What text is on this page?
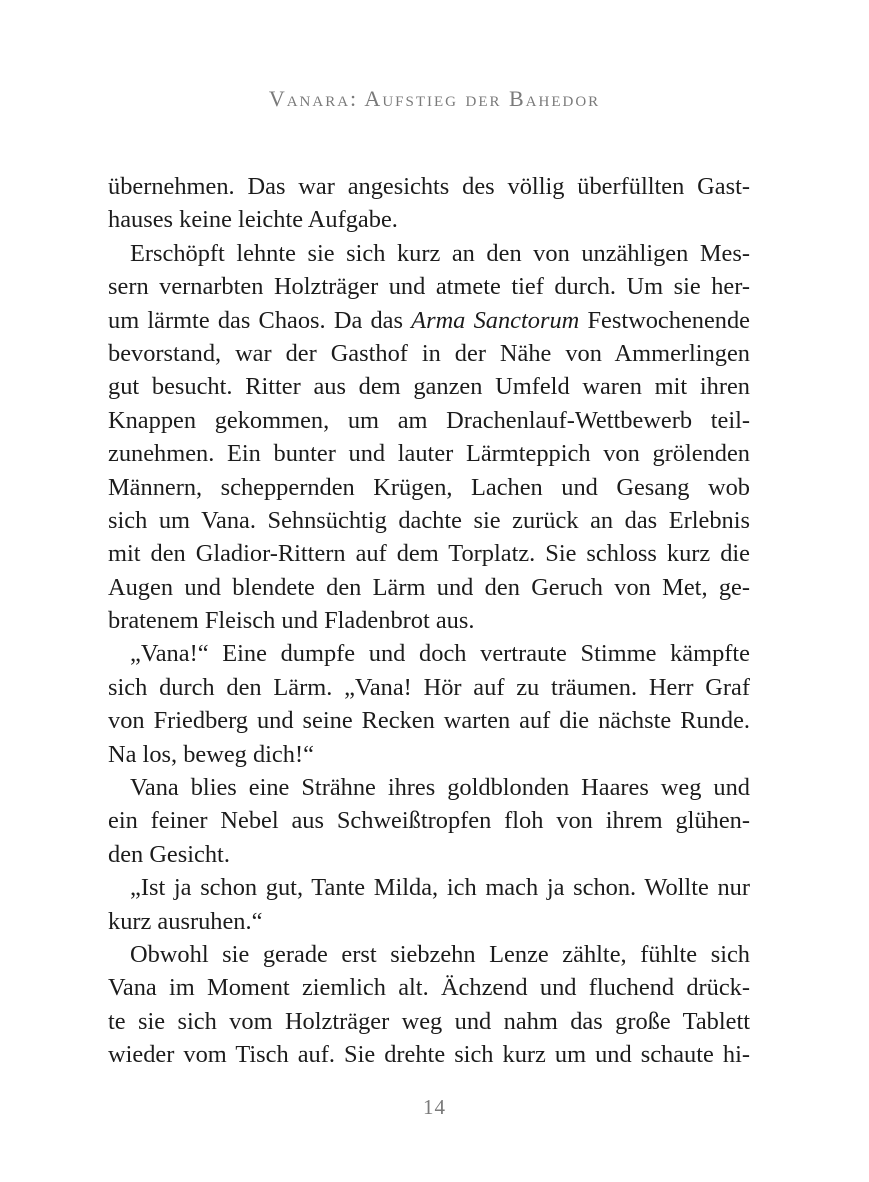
Vanara: Aufstieg der Bahedor
übernehmen. Das war angesichts des völlig überfüllten Gast-
hauses keine leichte Aufgabe.
Erschöpft lehnte sie sich kurz an den von unzähligen Mes-
sern vernarbten Holzträger und atmete tief durch. Um sie her-
um lärmte das Chaos. Da das Arma Sanctorum Festwochenende
bevorstand, war der Gasthof in der Nähe von Ammerlingen
gut besucht. Ritter aus dem ganzen Umfeld waren mit ihren
Knappen gekommen, um am Drachenlauf-Wettbewerb teil-
zunehmen. Ein bunter und lauter Lärmteppich von grölenden
Männern, scheppernden Krügen, Lachen und Gesang wob
sich um Vana. Sehnsüchtig dachte sie zurück an das Erlebnis
mit den Gladior-Rittern auf dem Torplatz. Sie schloss kurz die
Augen und blendete den Lärm und den Geruch von Met, ge-
bratenem Fleisch und Fladenbrot aus.
„Vana!“ Eine dumpfe und doch vertraute Stimme kämpfte
sich durch den Lärm. „Vana! Hör auf zu träumen. Herr Graf
von Friedberg und seine Recken warten auf die nächste Runde.
Na los, beweg dich!“
Vana blies eine Strähne ihres goldblonden Haares weg und
ein feiner Nebel aus Schweißtropfen floh von ihrem glühen-
den Gesicht.
„Ist ja schon gut, Tante Milda, ich mach ja schon. Wollte nur
kurz ausruhen.“
Obwohl sie gerade erst siebzehn Lenze zählte, fühlte sich
Vana im Moment ziemlich alt. Ächzend und fluchend drück-
te sie sich vom Holzträger weg und nahm das große Tablett
wieder vom Tisch auf. Sie drehte sich kurz um und schaute hi-
14
